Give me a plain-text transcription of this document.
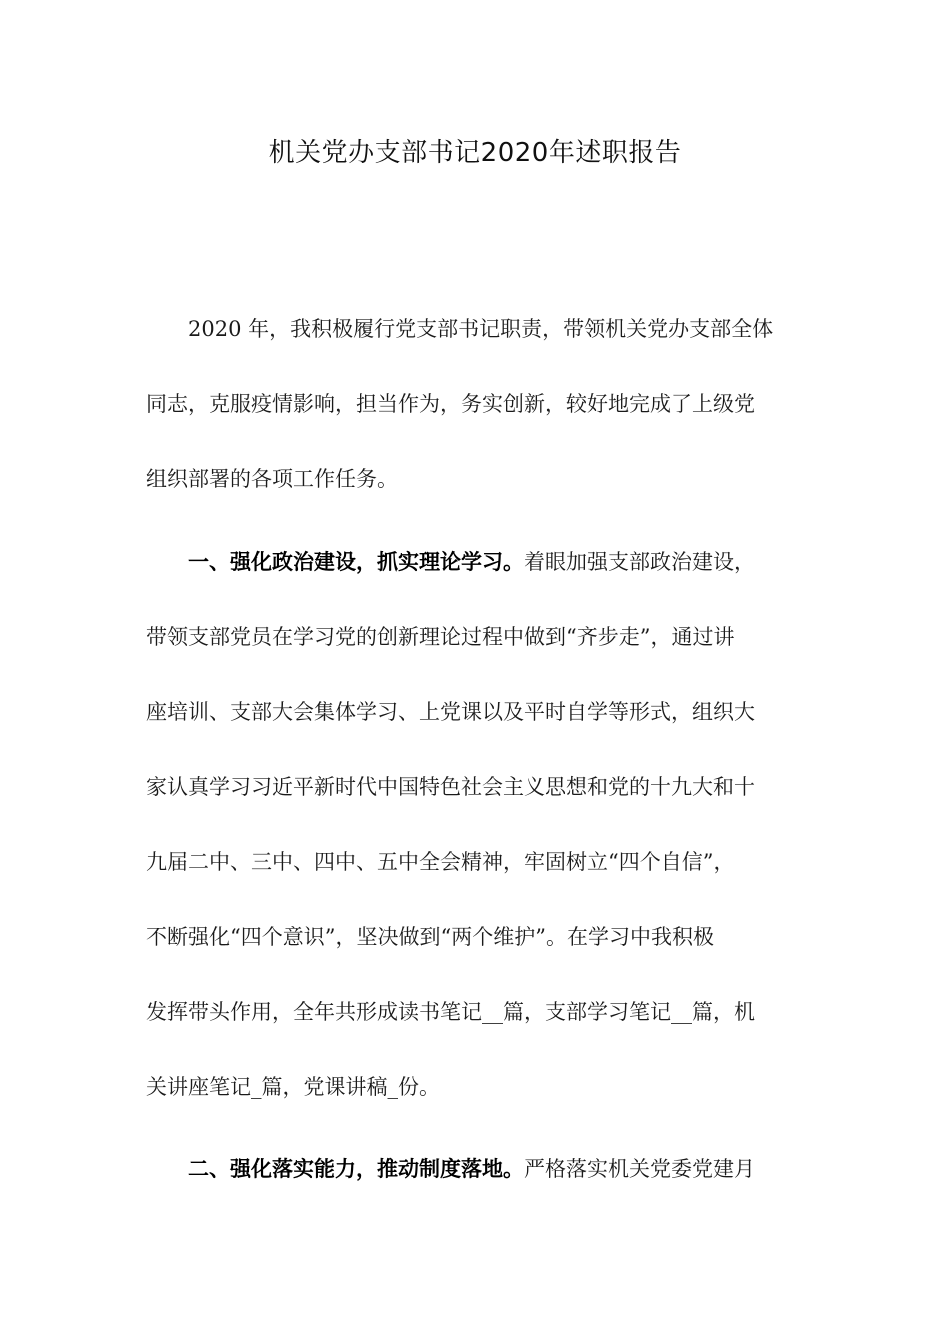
机关党办支部书记2020年述职报告
2020 年，我积极履行党支部书记职责，带领机关党办支部全体
同志，克服疫情影响，担当作为，务实创新，较好地完成了上级党
组织部署的各项工作任务。
一、强化政治建设，抓实理论学习。着眼加强支部政治建设，
带领支部党员在学习党的创新理论过程中做到“齐步走”，通过讲
座培训、支部大会集体学习、上党课以及平时自学等形式，组织大
家认真学习习近平新时代中国特色社会主义思想和党的十九大和十
九届二中、三中、四中、五中全会精神，牢固树立“四个自信”，
不断强化“四个意识”，坚决做到“两个维护”。在学习中我积极
发挥带头作用，全年共形成读书笔记__篇，支部学习笔记__篇，机
关讲座笔记_篇，党课讲稿_份。
二、强化落实能力，推动制度落地。严格落实机关党委党建月
